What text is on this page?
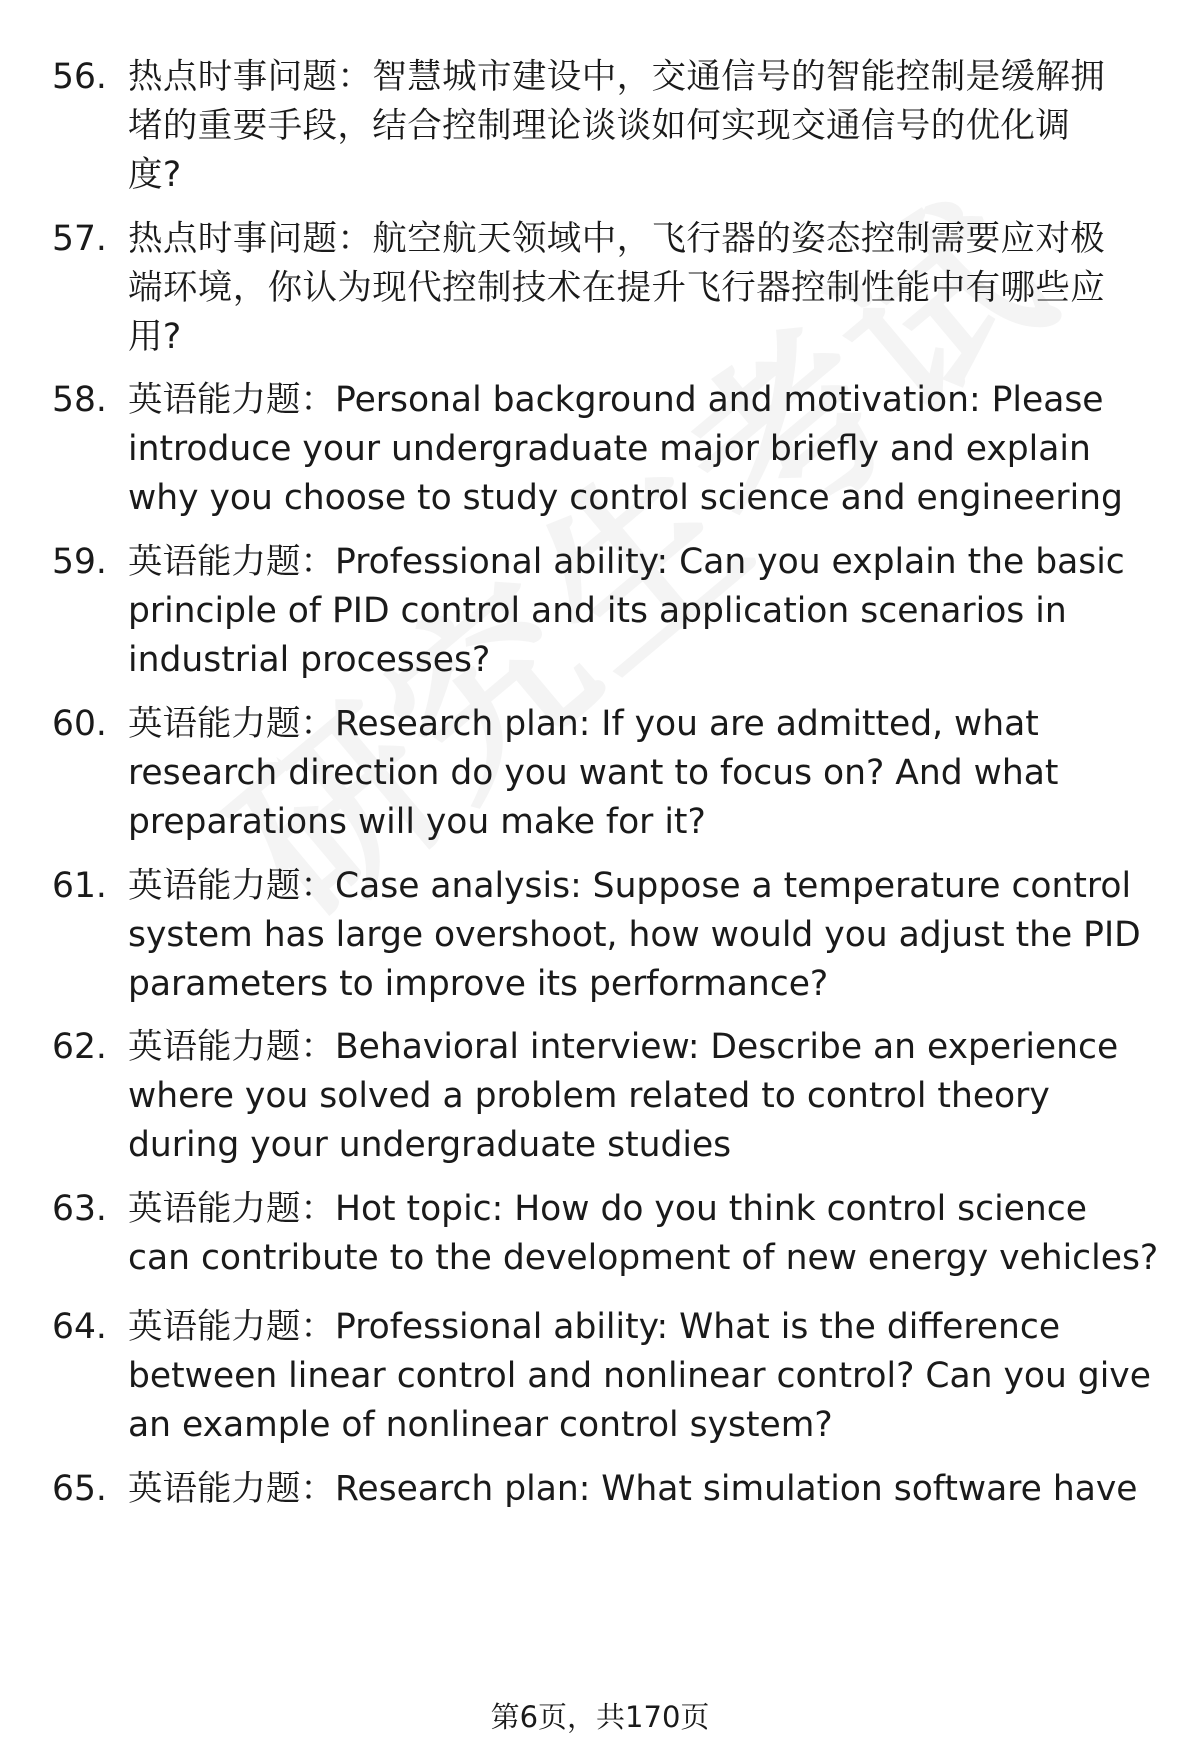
56. 热点时事问题：智慧城市建设中，交通信号的智能控制是缓解拥
堵的重要手段，结合控制理论谈谈如何实现交通信号的优化调
度?
57. 热点时事问题：航空航天领域中，飞行器的姿态控制需要应对极
端环境，你认为现代控制技术在提升飞行器控制性能中有哪些应
用?
58. 英语能力题：Personal background and motivation: Please
introduce your undergraduate major briefly and explain
why you choose to study control science and engineering
59. 英语能力题：Professional ability: Can you explain the basic
principle of PID control and its application scenarios in
industrial processes?
60. 英语能力题：Research plan: If you are admitted, what
research direction do you want to focus on? And what
preparations will you make for it?
61. 英语能力题：Case analysis: Suppose a temperature control
system has large overshoot, how would you adjust the PID
parameters to improve its performance?
62. 英语能力题：Behavioral interview: Describe an experience
where you solved a problem related to control theory
during your undergraduate studies
63. 英语能力题：Hot topic: How do you think control science
can contribute to the development of new energy vehicles?
64. 英语能力题：Professional ability: What is the difference
between linear control and nonlinear control? Can you give
an example of nonlinear control system?
65. 英语能力题：Research plan: What simulation software have
第6页，共170页
